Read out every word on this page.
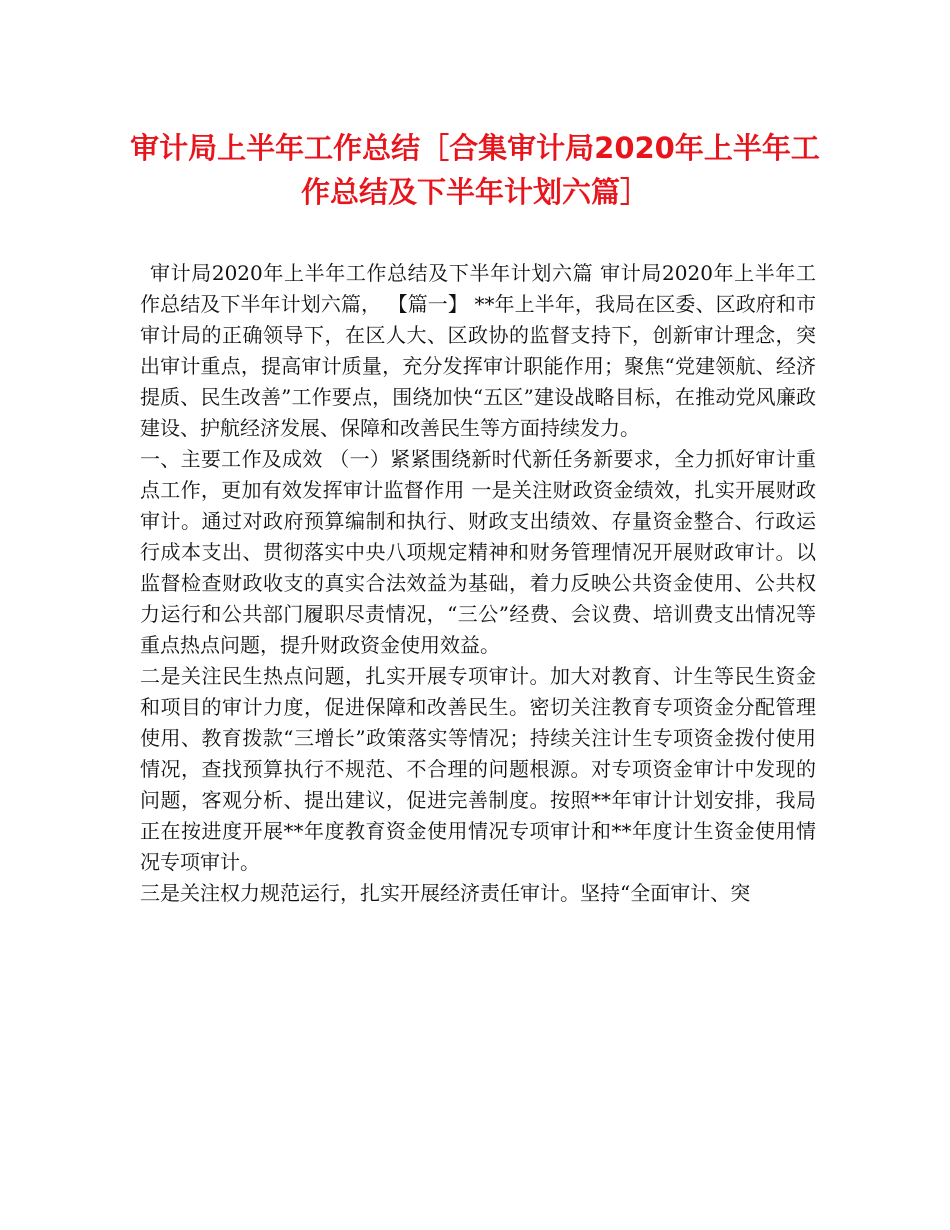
审计局上半年工作总结［合集审计局2020年上半年工作总结及下半年计划六篇］

审计局2020年上半年工作总结及下半年计划六篇 审计局2020年上半年工作总结及下半年计划六篇， 【篇一】 **年上半年，我局在区委、区政府和市审计局的正确领导下，在区人大、区政协的监督支持下，创新审计理念，突出审计重点，提高审计质量，充分发挥审计职能作用；聚焦“党建领航、经济提质、民生改善”工作要点，围绕加快“五区”建设战略目标，在推动党风廉政建设、护航经济发展、保障和改善民生等方面持续发力。

一、主要工作及成效 （一）紧紧围绕新时代新任务新要求，全力抓好审计重点工作，更加有效发挥审计监督作用 一是关注财政资金绩效，扎实开展财政审计。通过对政府预算编制和执行、财政支出绩效、存量资金整合、行政运行成本支出、贯彻落实中央八项规定精神和财务管理情况开展财政审计。以监督检查财政收支的真实合法效益为基础，着力反映公共资金使用、公共权力运行和公共部门履职尽责情况，“三公”经费、会议费、培训费支出情况等重点热点问题，提升财政资金使用效益。

二是关注民生热点问题，扎实开展专项审计。加大对教育、计生等民生资金和项目的审计力度，促进保障和改善民生。密切关注教育专项资金分配管理使用、教育拨款“三增长”政策落实等情况；持续关注计生专项资金拨付使用情况，查找预算执行不规范、不合理的问题根源。对专项资金审计中发现的问题，客观分析、提出建议，促进完善制度。按照**年审计计划安排，我局正在按进度开展**年度教育资金使用情况专项审计和**年度计生资金使用情况专项审计。

三是关注权力规范运行，扎实开展经济责任审计。坚持“全面审计、突
